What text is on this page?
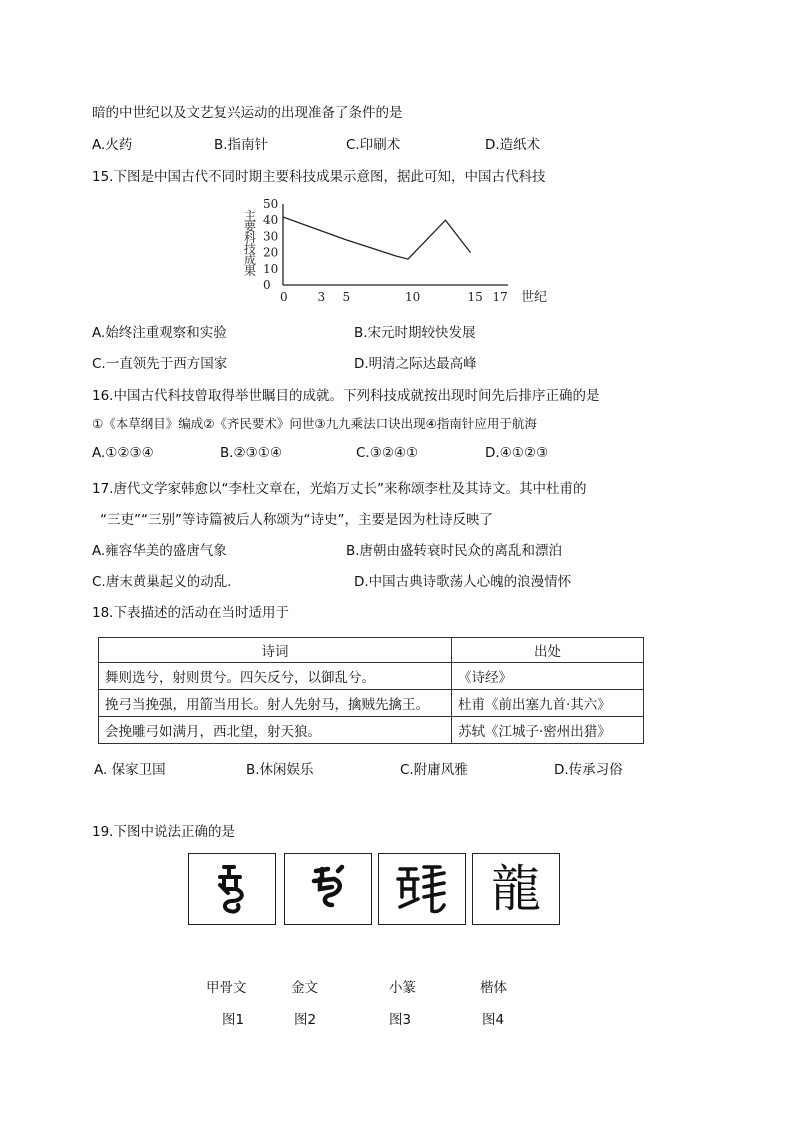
暗的中世纪以及文艺复兴运动的出现准备了条件的是
A.火药	B.指南针	C.印刷术	D.造纸术
15.下图是中国古代不同时期主要科技成果示意图，据此可知，中国古代科技
主
要
科
技
成
果
50
40
30
20
10
0
0 3 5	10	15 17 世纪
A.始终注重观察和实验	B.宋元时期较快发展
C.一直领先于西方国家	D.明清之际达最高峰
16.中国古代科技曾取得举世瞩目的成就。下列科技成就按出现时间先后排序正确的是
①《本草纲目》编成②《齐民要术》问世③九九乘法口诀出现④指南针应用于航海
A.①②③④	B.②③①④	C.③②④①	D.④①②③
17.唐代文学家韩愈以“李杜文章在，光焰万丈长”来称颂李杜及其诗文。其中杜甫的
“三吏”“三别”等诗篇被后人称颂为“诗史”，主要是因为杜诗反映了
A.雍容华美的盛唐气象	B.唐朝由盛转衰时民众的离乱和漂泊
C.唐末黄巢起义的动乱.	D.中国古典诗歌荡人心魄的浪漫情怀
18.下表描述的活动在当时适用于
诗词	出处
舞则选兮，射则贯兮。四矢反兮，以御乱兮。	《诗经》
挽弓当挽强，用箭当用长。射人先射马，擒贼先擒王。	杜甫《前出塞九首·其六》
会挽雕弓如满月，西北望，射天狼。	苏轼《江城子·密州出猎》
A. 保家卫国	B.休闲娱乐	C.附庸风雅	D.传承习俗
19.下图中说法正确的是
龍
甲骨文	金文	小篆	楷体
图1	图2	图3	图4
